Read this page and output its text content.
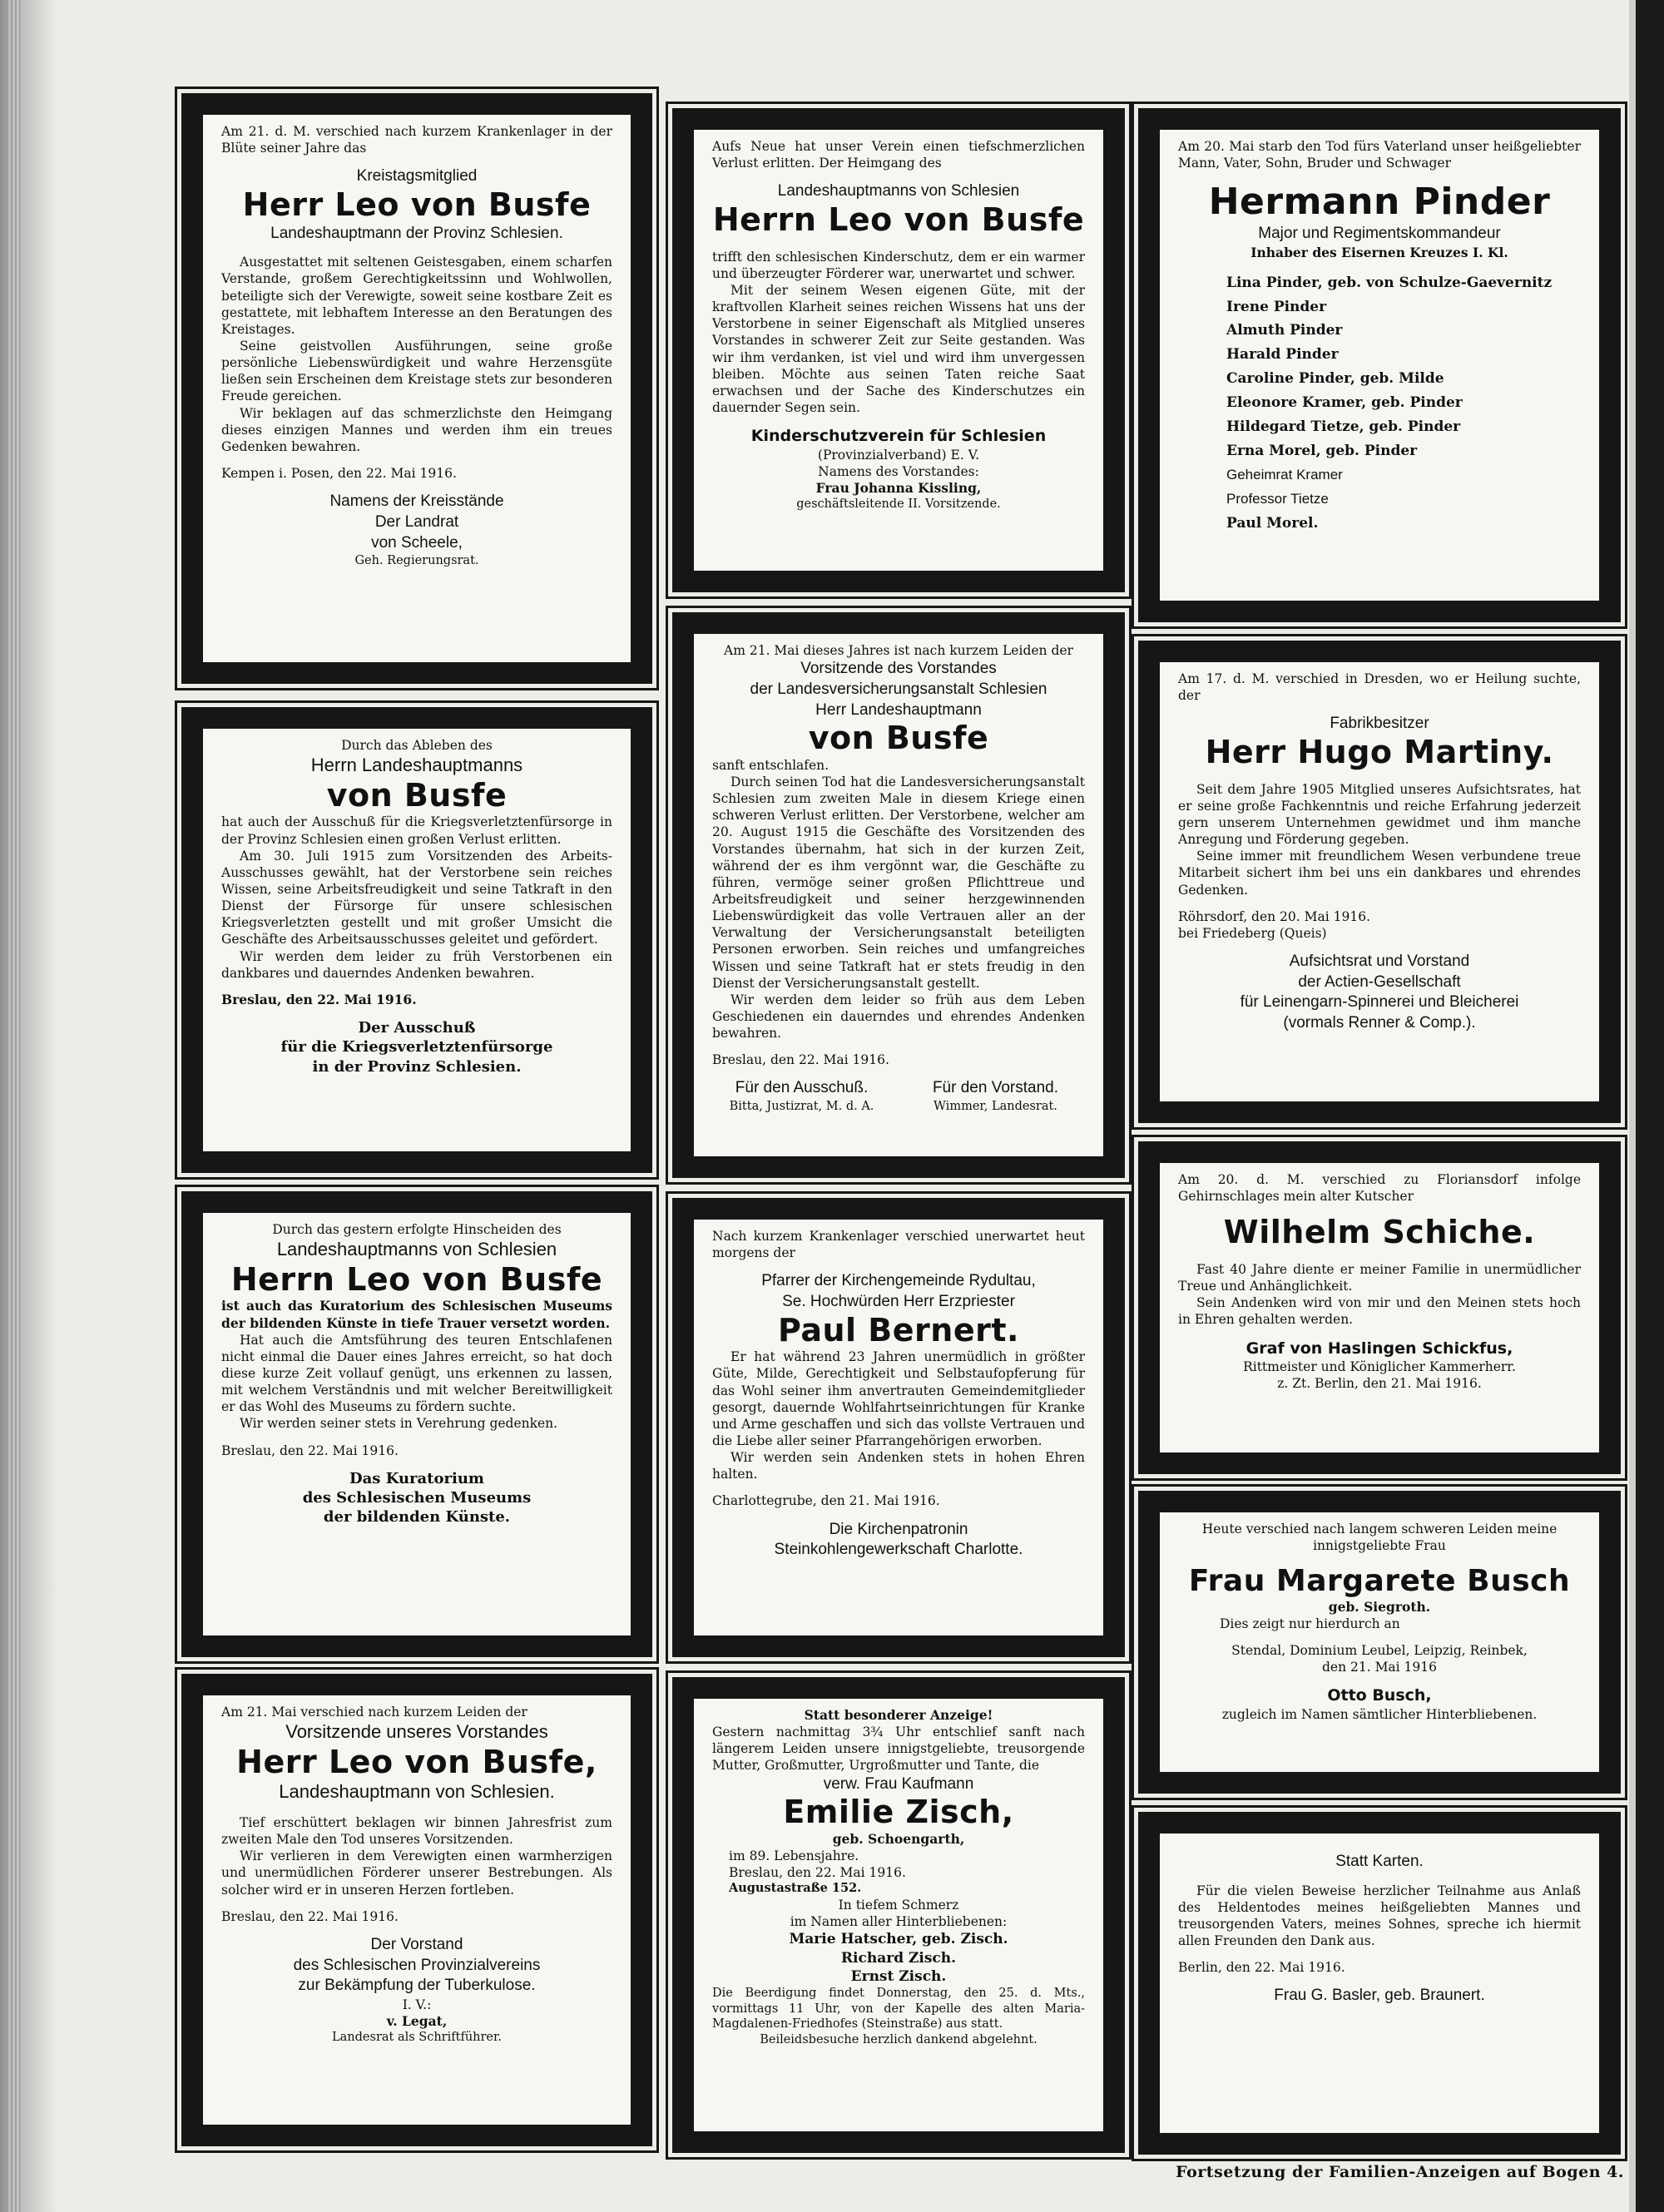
Am 21. d. M. verschied nach kurzem Krankenlager in der Blüte seiner Jahre das

Kreistagsmitglied

Herr Leo von Busfe

Landeshauptmann der Provinz Schlesien.

Ausgestattet mit seltenen Geistesgaben, einem scharfen Verstande, großem Gerechtigkeitssinn und Wohlwollen, beteiligte sich der Verewigte, soweit seine kostbare Zeit es gestattete, mit lebhaftem Interesse an den Beratungen des Kreistages.

Seine geistvollen Ausführungen, seine große persönliche Liebenswürdigkeit und wahre Herzensgüte ließen sein Erscheinen dem Kreistage stets zur besonderen Freude gereichen.

Wir beklagen auf das schmerzlichste den Heimgang dieses einzigen Mannes und werden ihm ein treues Gedenken bewahren.

Kempen i. Posen, den 22. Mai 1916.

Namens der Kreisstände

Der Landrat

von Scheele,

Geh. Regierungsrat.

Aufs Neue hat unser Verein einen tiefschmerzlichen Verlust erlitten. Der Heimgang des

Landeshauptmanns von Schlesien

Herrn Leo von Busfe

trifft den schlesischen Kinderschutz, dem er ein warmer und überzeugter Förderer war, unerwartet und schwer.

Mit der seinem Wesen eigenen Güte, mit der kraftvollen Klarheit seines reichen Wissens hat uns der Verstorbene in seiner Eigenschaft als Mitglied unseres Vorstandes in schwerer Zeit zur Seite gestanden. Was wir ihm verdanken, ist viel und wird ihm unvergessen bleiben. Möchte aus seinen Taten reiche Saat erwachsen und der Sache des Kinderschutzes ein dauernder Segen sein.

Kinderschutzverein für Schlesien

(Provinzialverband) E. V.

Namens des Vorstandes:

Frau Johanna Kissling,

geschäftsleitende II. Vorsitzende.

Am 20. Mai starb den Tod fürs Vaterland unser heißgeliebter Mann, Vater, Sohn, Bruder und Schwager

Hermann Pinder

Major und Regimentskommandeur

Inhaber des Eisernen Kreuzes I. Kl.

Lina Pinder, geb. von Schulze-Gaevernitz

Irene Pinder

Almuth Pinder

Harald Pinder

Caroline Pinder, geb. Milde

Eleonore Kramer, geb. Pinder

Hildegard Tietze, geb. Pinder

Erna Morel, geb. Pinder

Geheimrat Kramer

Professor Tietze

Paul Morel.

Durch das Ableben des

Herrn Landeshauptmanns

von Busfe

hat auch der Ausschuß für die Kriegsverletztenfürsorge in der Provinz Schlesien einen großen Verlust erlitten.

Am 30. Juli 1915 zum Vorsitzenden des Arbeits-Ausschusses gewählt, hat der Verstorbene sein reiches Wissen, seine Arbeitsfreudigkeit und seine Tatkraft in den Dienst der Fürsorge für unsere schlesischen Kriegsverletzten gestellt und mit großer Umsicht die Geschäfte des Arbeitsausschusses geleitet und gefördert.

Wir werden dem leider zu früh Verstorbenen ein dankbares und dauerndes Andenken bewahren.

Breslau, den 22. Mai 1916.

Der Ausschuß

für die Kriegsverletztenfürsorge

in der Provinz Schlesien.

Am 21. Mai dieses Jahres ist nach kurzem Leiden der

Vorsitzende des Vorstandes

der Landesversicherungsanstalt Schlesien

Herr Landeshauptmann

von Busfe

sanft entschlafen.

Durch seinen Tod hat die Landesversicherungsanstalt Schlesien zum zweiten Male in diesem Kriege einen schweren Verlust erlitten. Der Verstorbene, welcher am 20. August 1915 die Geschäfte des Vorsitzenden des Vorstandes übernahm, hat sich in der kurzen Zeit, während der es ihm vergönnt war, die Geschäfte zu führen, vermöge seiner großen Pflichttreue und Arbeitsfreudigkeit und seiner herzgewinnenden Liebenswürdigkeit das volle Vertrauen aller an der Verwaltung der Versicherungsanstalt beteiligten Personen erworben. Sein reiches und umfangreiches Wissen und seine Tatkraft hat er stets freudig in den Dienst der Versicherungsanstalt gestellt.

Wir werden dem leider so früh aus dem Leben Geschiedenen ein dauerndes und ehrendes Andenken bewahren.

Breslau, den 22. Mai 1916.

Für den Ausschuß.

Bitta, Justizrat, M. d. A.

Für den Vorstand.

Wimmer, Landesrat.

Am 17. d. M. verschied in Dresden, wo er Heilung suchte, der

Fabrikbesitzer

Herr Hugo Martiny.

Seit dem Jahre 1905 Mitglied unseres Aufsichtsrates, hat er seine große Fachkenntnis und reiche Erfahrung jederzeit gern unserem Unternehmen gewidmet und ihm manche Anregung und Förderung gegeben.

Seine immer mit freundlichem Wesen verbundene treue Mitarbeit sichert ihm bei uns ein dankbares und ehrendes Gedenken.

Röhrsdorf, den 20. Mai 1916.

bei Friedeberg (Queis)

Aufsichtsrat und Vorstand

der Actien-Gesellschaft

für Leinengarn-Spinnerei und Bleicherei

(vormals Renner & Comp.).

Durch das gestern erfolgte Hinscheiden des

Landeshauptmanns von Schlesien

Herrn Leo von Busfe

ist auch das Kuratorium des Schlesischen Museums der bildenden Künste in tiefe Trauer versetzt worden.

Hat auch die Amtsführung des teuren Entschlafenen nicht einmal die Dauer eines Jahres erreicht, so hat doch diese kurze Zeit vollauf genügt, uns erkennen zu lassen, mit welchem Verständnis und mit welcher Bereitwilligkeit er das Wohl des Museums zu fördern suchte.

Wir werden seiner stets in Verehrung gedenken.

Breslau, den 22. Mai 1916.

Das Kuratorium

des Schlesischen Museums

der bildenden Künste.

Nach kurzem Krankenlager verschied unerwartet heut morgens der

Pfarrer der Kirchengemeinde Rydultau,

Se. Hochwürden Herr Erzpriester

Paul Bernert.

Er hat während 23 Jahren unermüdlich in größter Güte, Milde, Gerechtigkeit und Selbstaufopferung für das Wohl seiner ihm anvertrauten Gemeindemitglieder gesorgt, dauernde Wohlfahrtseinrichtungen für Kranke und Arme geschaffen und sich das vollste Vertrauen und die Liebe aller seiner Pfarrangehörigen erworben.

Wir werden sein Andenken stets in hohen Ehren halten.

Charlottegrube, den 21. Mai 1916.

Die Kirchenpatronin

Steinkohlengewerkschaft Charlotte.

Am 20. d. M. verschied zu Floriansdorf infolge Gehirnschlages mein alter Kutscher

Wilhelm Schiche.

Fast 40 Jahre diente er meiner Familie in unermüdlicher Treue und Anhänglichkeit.

Sein Andenken wird von mir und den Meinen stets hoch in Ehren gehalten werden.

Graf von Haslingen Schickfus,

Rittmeister und Königlicher Kammerherr.

z. Zt. Berlin, den 21. Mai 1916.

Am 21. Mai verschied nach kurzem Leiden der

Vorsitzende unseres Vorstandes

Herr Leo von Busfe,

Landeshauptmann von Schlesien.

Tief erschüttert beklagen wir binnen Jahresfrist zum zweiten Male den Tod unseres Vorsitzenden.

Wir verlieren in dem Verewigten einen warmherzigen und unermüdlichen Förderer unserer Bestrebungen. Als solcher wird er in unseren Herzen fortleben.

Breslau, den 22. Mai 1916.

Der Vorstand

des Schlesischen Provinzialvereins

zur Bekämpfung der Tuberkulose.

I. V.:

v. Legat,

Landesrat als Schriftführer.

Statt besonderer Anzeige!

Gestern nachmittag 3¾ Uhr entschlief sanft nach längerem Leiden unsere innigstgeliebte, treusorgende Mutter, Großmutter, Urgroßmutter und Tante, die

verw. Frau Kaufmann

Emilie Zisch,

geb. Schoengarth,

im 89. Lebensjahre.

Breslau, den 22. Mai 1916.

Augustastraße 152.

In tiefem Schmerz

im Namen aller Hinterbliebenen:

Marie Hatscher, geb. Zisch.

Richard Zisch.

Ernst Zisch.

Die Beerdigung findet Donnerstag, den 25. d. Mts., vormittags 11 Uhr, von der Kapelle des alten Maria-Magdalenen-Friedhofes (Steinstraße) aus statt.

Beileidsbesuche herzlich dankend abgelehnt.

Heute verschied nach langem schweren Leiden meine innigstgeliebte Frau

Frau Margarete Busch

geb. Siegroth.

Dies zeigt nur hierdurch an

Stendal, Dominium Leubel, Leipzig, Reinbek,

den 21. Mai 1916

Otto Busch,

zugleich im Namen sämtlicher Hinterbliebenen.

Statt Karten.

Für die vielen Beweise herzlicher Teilnahme aus Anlaß des Heldentodes meines heißgeliebten Mannes und treusorgenden Vaters, meines Sohnes, spreche ich hiermit allen Freunden den Dank aus.

Berlin, den 22. Mai 1916.

Frau G. Basler, geb. Braunert.

Fortsetzung der Familien-Anzeigen auf Bogen 4.
